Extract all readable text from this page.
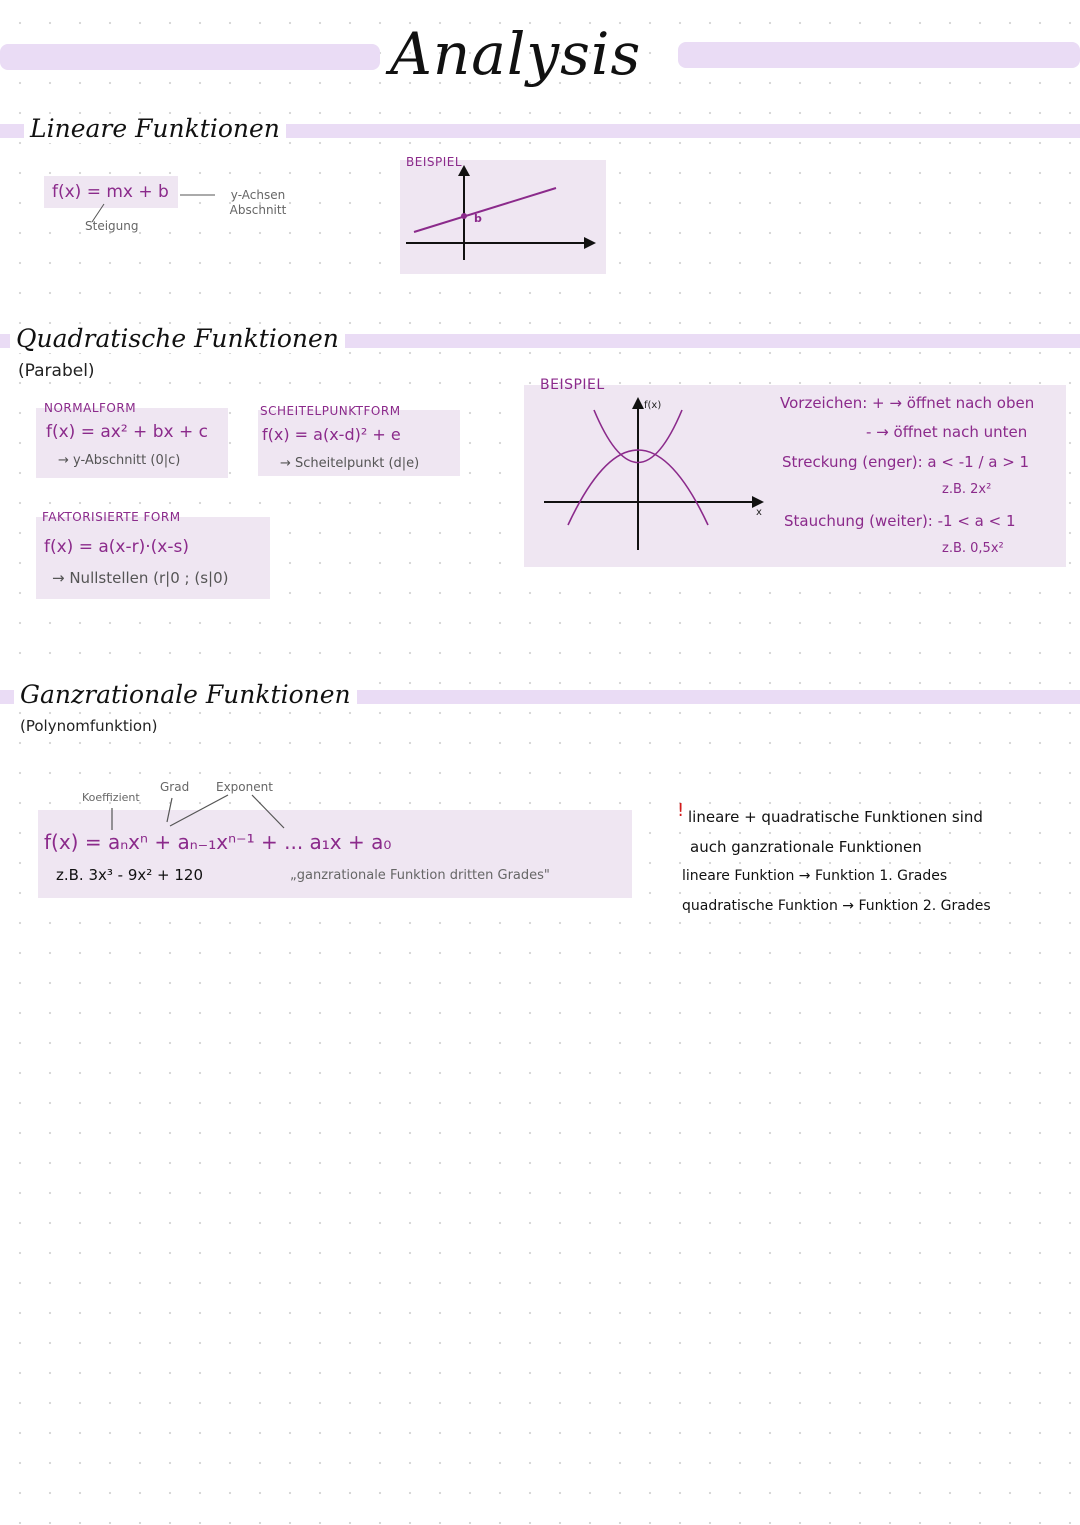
Analysis
Lineare Funktionen
f(x) = mx + b
Steigung
y-Achsen Abschnitt
BEISPIEL
b
Quadratische Funktionen
(Parabel)
NORMALFORM
f(x) = ax² + bx + c
→ y-Abschnitt (0|c)
SCHEITELPUNKTFORM
f(x) = a(x-d)² + e
→ Scheitelpunkt (d|e)
FAKTORISIERTE FORM
f(x) = a(x-r)·(x-s)
→ Nullstellen (r|0 ; (s|0)
BEISPIEL
f(x)
x
Vorzeichen: + → öffnet nach oben
- → öffnet nach unten
Streckung (enger): a < -1 / a > 1
z.B. 2x²
Stauchung (weiter): -1 < a < 1
z.B. 0,5x²
Ganzrationale Funktionen
(Polynomfunktion)
Koeffizient
Grad Exponent
f(x) = aₙxⁿ + aₙ₋₁xⁿ⁻¹ + ... a₁x + a₀
z.B. 3x³ - 9x² + 120	„ganzrationale Funktion dritten Grades"
! lineare + quadratische Funktionen sind
auch ganzrationale Funktionen
lineare Funktion → Funktion 1. Grades
quadratische Funktion → Funktion 2. Grades
